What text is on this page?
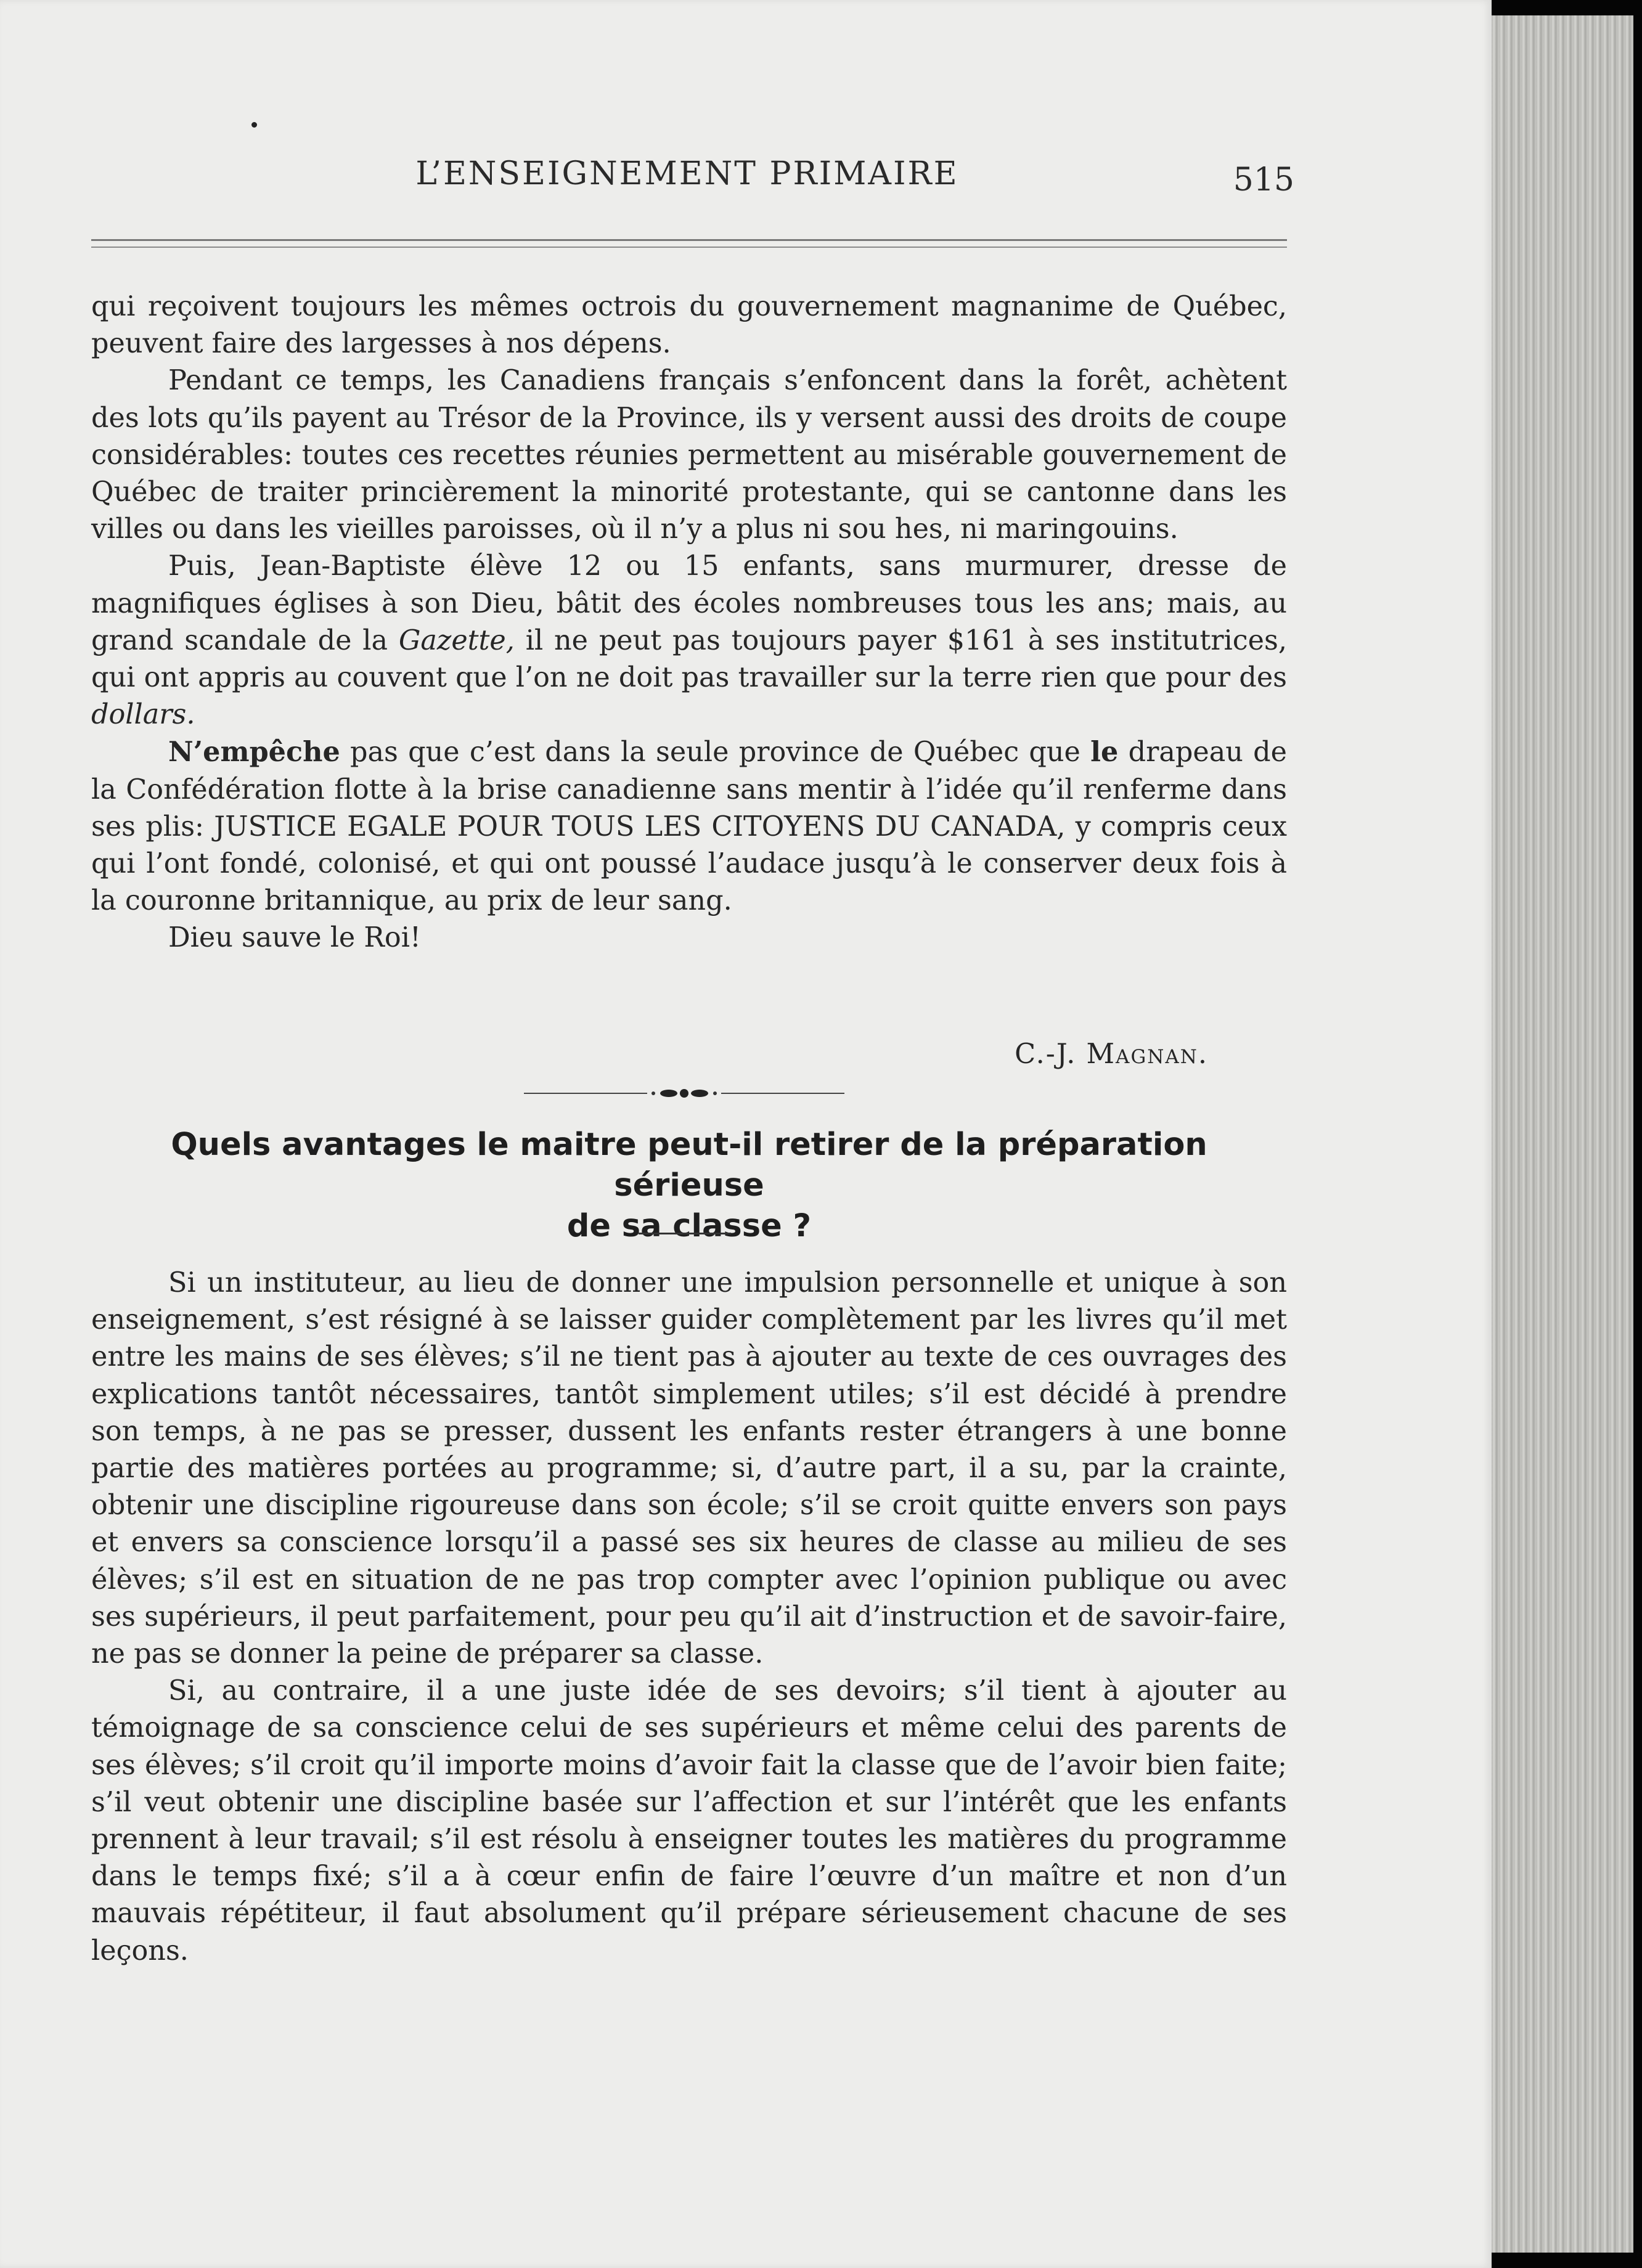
L’ENSEIGNEMENT PRIMAIRE	515

qui reçoivent toujours les mêmes octrois du gouvernement magnanime de Québec, peuvent faire des largesses à nos dépens.

Pendant ce temps, les Canadiens français s’enfoncent dans la forêt, achètent des lots qu’ils payent au Trésor de la Province, ils y versent aussi des droits de coupe considérables: toutes ces recettes réunies permettent au misérable gouvernement de Québec de traiter princièrement la minorité protestante, qui se cantonne dans les villes ou dans les vieilles paroisses, où il n’y a plus ni sou hes, ni maringouins.

Puis, Jean-Baptiste élève 12 ou 15 enfants, sans murmurer, dresse de magnifiques églises à son Dieu, bâtit des écoles nombreuses tous les ans; mais, au grand scandale de la Gazette, il ne peut pas toujours payer $161 à ses institutrices, qui ont appris au couvent que l’on ne doit pas travailler sur la terre rien que pour des dollars.

N’empêche pas que c’est dans la seule province de Québec que le drapeau de la Confédération flotte à la brise canadienne sans mentir à l’idée qu’il renferme dans ses plis: JUSTICE EGALE POUR TOUS LES CITOYENS DU CANADA, y compris ceux qui l’ont fondé, colonisé, et qui ont poussé l’audace jusqu’à le conserver deux fois à la couronne britannique, au prix de leur sang.

Dieu sauve le Roi!

C.-J. Magnan.
Quels avantages le maitre peut-il retirer de la préparation sérieuse
de sa classe ?

Si un instituteur, au lieu de donner une impulsion personnelle et unique à son enseignement, s’est résigné à se laisser guider complètement par les livres qu’il met entre les mains de ses élèves; s’il ne tient pas à ajouter au texte de ces ouvrages des explications tantôt nécessaires, tantôt simplement utiles; s’il est décidé à prendre son temps, à ne pas se presser, dussent les enfants rester étrangers à une bonne partie des matières portées au programme; si, d’autre part, il a su, par la crainte, obtenir une discipline rigoureuse dans son école; s’il se croit quitte envers son pays et envers sa conscience lorsqu’il a passé ses six heures de classe au milieu de ses élèves; s’il est en situation de ne pas trop compter avec l’opinion publique ou avec ses supérieurs, il peut parfaitement, pour peu qu’il ait d’instruction et de savoir-faire, ne pas se donner la peine de préparer sa classe.

Si, au contraire, il a une juste idée de ses devoirs; s’il tient à ajouter au témoignage de sa conscience celui de ses supérieurs et même celui des parents de ses élèves; s’il croit qu’il importe moins d’avoir fait la classe que de l’avoir bien faite; s’il veut obtenir une discipline basée sur l’affection et sur l’intérêt que les enfants prennent à leur travail; s’il est résolu à enseigner toutes les matières du programme dans le temps fixé; s’il a à cœur enfin de faire l’œuvre d’un maître et non d’un mauvais répétiteur, il faut absolument qu’il prépare sérieusement chacune de ses leçons.
